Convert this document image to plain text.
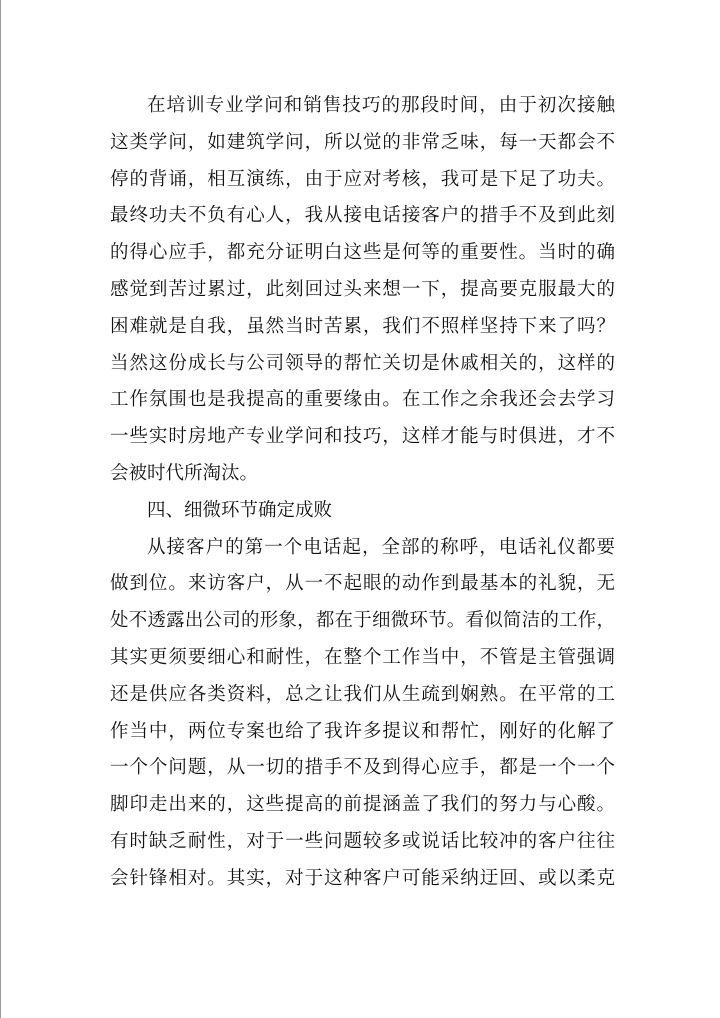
在培训专业学问和销售技巧的那段时间，由于初次接触
这类学问，如建筑学问，所以觉的非常乏味，每一天都会不
停的背诵，相互演练，由于应对考核，我可是下足了功夫。
最终功夫不负有心人，我从接电话接客户的措手不及到此刻
的得心应手，都充分证明白这些是何等的重要性。当时的确
感觉到苦过累过，此刻回过头来想一下，提高要克服最大的
困难就是自我，虽然当时苦累，我们不照样坚持下来了吗？
当然这份成长与公司领导的帮忙关切是休戚相关的，这样的
工作氛围也是我提高的重要缘由。在工作之余我还会去学习
一些实时房地产专业学问和技巧，这样才能与时俱进，才不
会被时代所淘汰。
四、细微环节确定成败
从接客户的第一个电话起，全部的称呼，电话礼仪都要
做到位。来访客户，从一不起眼的动作到最基本的礼貌，无
处不透露出公司的形象，都在于细微环节。看似简洁的工作，
其实更须要细心和耐性，在整个工作当中，不管是主管强调
还是供应各类资料，总之让我们从生疏到娴熟。在平常的工
作当中，两位专案也给了我许多提议和帮忙，刚好的化解了
一个个问题，从一切的措手不及到得心应手，都是一个一个
脚印走出来的，这些提高的前提涵盖了我们的努力与心酸。
有时缺乏耐性，对于一些问题较多或说话比较冲的客户往往
会针锋相对。其实，对于这种客户可能采纳迂回、或以柔克
